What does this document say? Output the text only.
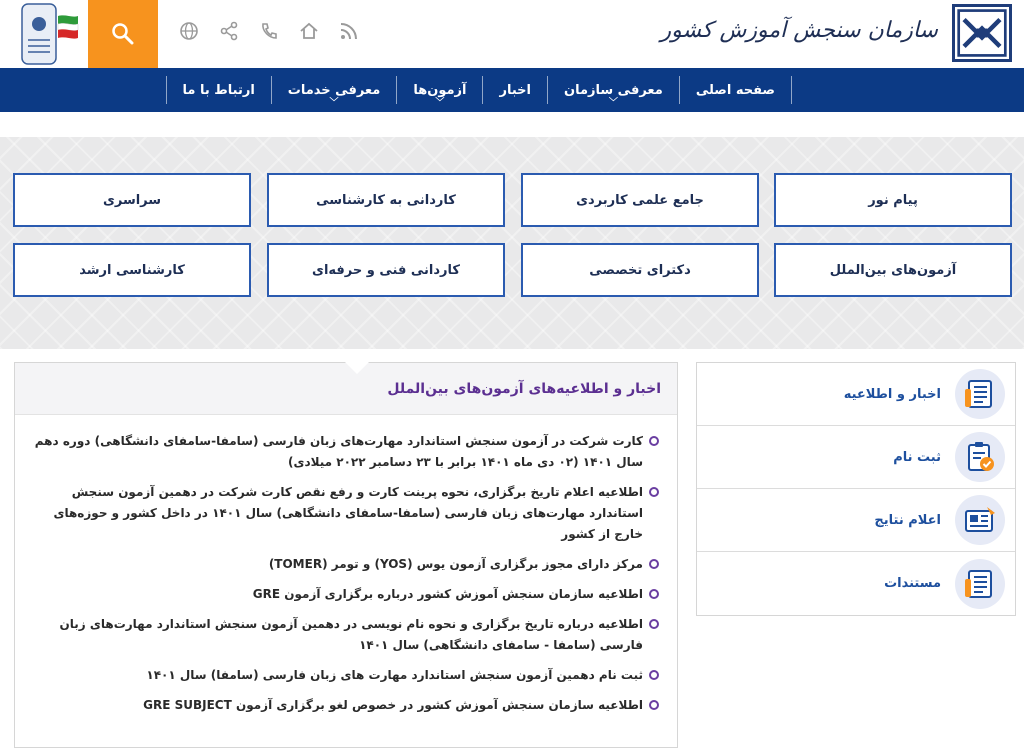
سازمان سنجش آموزش کشور
صفحه اصلی
معرفی سازمان
﹀
اخبار
آزمون‌ها
﹀
معرفی خدمات
﹀
ارتباط با ما
پیام نور
جامع علمی کاربردی
کاردانی به کارشناسی
سراسری
آزمون‌های بین‌الملل
دکترای تخصصی
کاردانی فنی و حرفه‌ای
کارشناسی ارشد
اخبار و اطلاعیه‌های آزمون‌های بین‌الملل
کارت شرکت در آزمون سنجش استاندارد مهارت‌های زبان فارسی (سامفا-سامفای دانشگاهی) دوره دهم سال ۱۴۰۱ (۰۲ دی ماه ۱۴۰۱ برابر با ۲۳ دسامبر ۲۰۲۲ میلادی)
اطلاعیه اعلام تاریخ برگزاری، نحوه پرینت کارت و رفع نقص کارت شرکت در دهمین آزمون سنجش استاندارد مهارت‌های زبان فارسی (سامفا-سامفای دانشگاهی) سال ۱۴۰۱ در داخل کشور و حوزه‌های خارج از کشور
مرکز دارای مجوز برگزاری آزمون یوس (YOS) و تومر (TOMER)
اطلاعیه سازمان سنجش آموزش کشور درباره برگزاری آزمون GRE
اطلاعیه درباره تاریخ برگزاری و نحوه نام نویسی در دهمین آزمون سنجش استاندارد مهارت‌های زبان فارسی (سامفا - سامفای دانشگاهی) سال ۱۴۰۱
ثبت نام دهمین آزمون سنجش استاندارد مهارت های زبان فارسی (سامفا) سال ۱۴۰۱
اطلاعیه سازمان سنجش آموزش کشور در خصوص لغو برگزاری آزمون GRE SUBJECT
اخبار و اطلاعیه
ثبت نام
اعلام نتایج
مستندات
